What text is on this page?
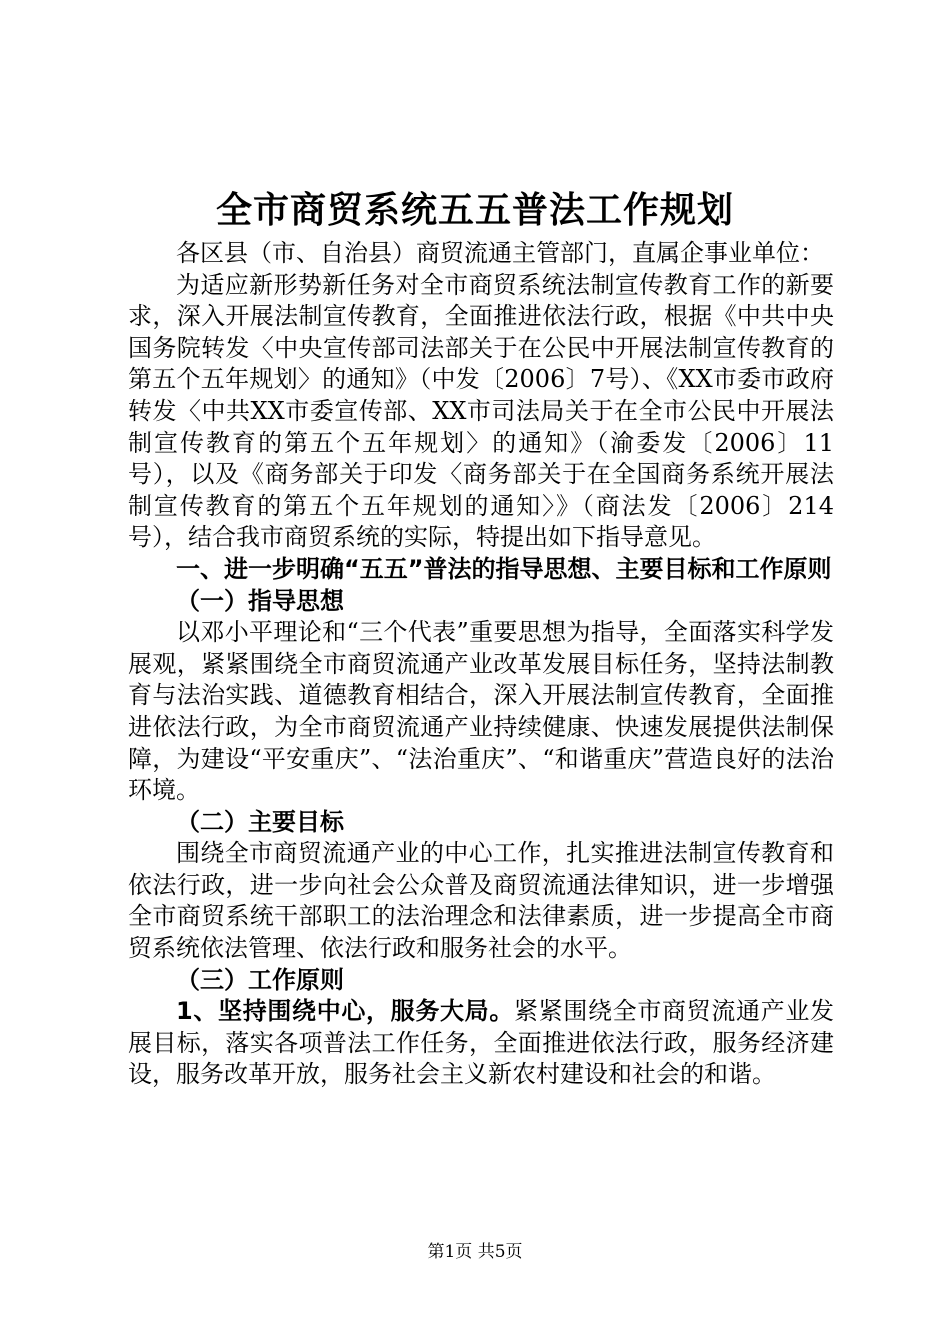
全市商贸系统五五普法工作规划

各区县（市、自治县）商贸流通主管部门，直属企事业单位：

为适应新形势新任务对全市商贸系统法制宣传教育工作的新要求，深入开展法制宣传教育，全面推进依法行政，根据《中共中央国务院转发〈中央宣传部司法部关于在公民中开展法制宣传教育的第五个五年规划〉的通知》（中发〔2006〕7号）、《XX市委市政府转发〈中共XX市委宣传部、XX市司法局关于在全市公民中开展法制宣传教育的第五个五年规划〉的通知》（渝委发〔2006〕11号），以及《商务部关于印发〈商务部关于在全国商务系统开展法制宣传教育的第五个五年规划的通知〉》（商法发〔2006〕214号），结合我市商贸系统的实际，特提出如下指导意见。

一、进一步明确“五五”普法的指导思想、主要目标和工作原则

（一）指导思想

以邓小平理论和“三个代表”重要思想为指导，全面落实科学发展观，紧紧围绕全市商贸流通产业改革发展目标任务，坚持法制教育与法治实践、道德教育相结合，深入开展法制宣传教育，全面推进依法行政，为全市商贸流通产业持续健康、快速发展提供法制保障，为建设“平安重庆”、“法治重庆”、“和谐重庆”营造良好的法治环境。

（二）主要目标

围绕全市商贸流通产业的中心工作，扎实推进法制宣传教育和依法行政，进一步向社会公众普及商贸流通法律知识，进一步增强全市商贸系统干部职工的法治理念和法律素质，进一步提高全市商贸系统依法管理、依法行政和服务社会的水平。

（三）工作原则

1、坚持围绕中心，服务大局。紧紧围绕全市商贸流通产业发展目标，落实各项普法工作任务，全面推进依法行政，服务经济建设，服务改革开放，服务社会主义新农村建设和社会的和谐。

第1页 共5页
